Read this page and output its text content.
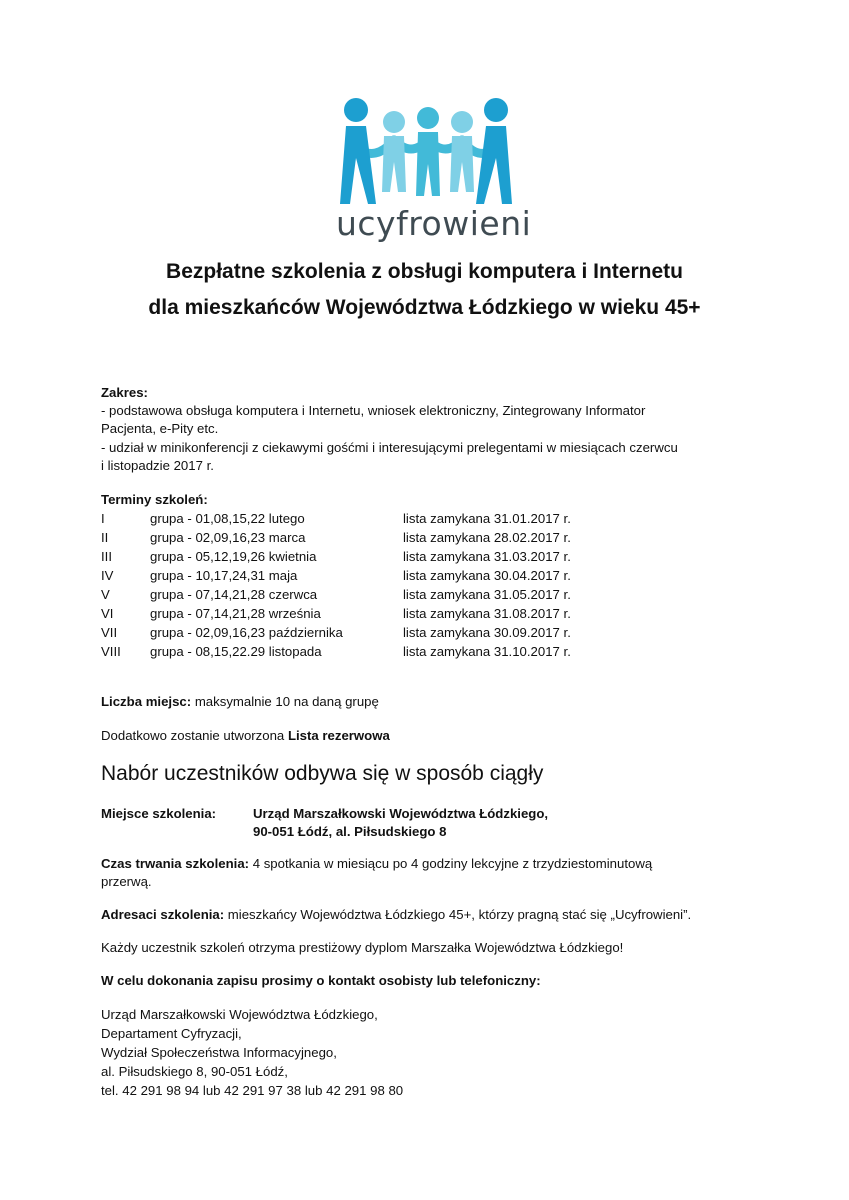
ucyfrowieni
Bezpłatne szkolenia z obsługi komputera i Internetu
dla mieszkańców Województwa Łódzkiego w wieku 45+
Zakres:
- podstawowa obsługa komputera i Internetu, wniosek elektroniczny, Zintegrowany Informator
Pacjenta, e-Pity etc.
- udział w minikonferencji z ciekawymi gośćmi i interesującymi prelegentami w miesiącach czerwcu
i listopadzie 2017 r.
Terminy szkoleń:
I	grupa - 01,08,15,22 lutego	lista zamykana 31.01.2017 r.
II	grupa - 02,09,16,23 marca	lista zamykana 28.02.2017 r.
III	grupa - 05,12,19,26 kwietnia	lista zamykana 31.03.2017 r.
IV	grupa - 10,17,24,31 maja	lista zamykana 30.04.2017 r.
V	grupa - 07,14,21,28 czerwca	lista zamykana 31.05.2017 r.
VI	grupa - 07,14,21,28 września	lista zamykana 31.08.2017 r.
VII grupa - 02,09,16,23 października	lista zamykana 30.09.2017 r.
VIII grupa - 08,15,22.29 listopada	lista zamykana 31.10.2017 r.
Liczba miejsc: maksymalnie 10 na daną grupę
Dodatkowo zostanie utworzona Lista rezerwowa
Nabór uczestników odbywa się w sposób ciągły
Miejsce szkolenia:	Urząd Marszałkowski Województwa Łódzkiego,
90-051 Łódź, al. Piłsudskiego 8
Czas trwania szkolenia: 4 spotkania w miesiącu po 4 godziny lekcyjne z trzydziestominutową
przerwą.
Adresaci szkolenia: mieszkańcy Województwa Łódzkiego 45+, którzy pragną stać się „Ucyfrowieni”.
Każdy uczestnik szkoleń otrzyma prestiżowy dyplom Marszałka Województwa Łódzkiego!
W celu dokonania zapisu prosimy o kontakt osobisty lub telefoniczny:
Urząd Marszałkowski Województwa Łódzkiego,
Departament Cyfryzacji,
Wydział Społeczeństwa Informacyjnego,
al. Piłsudskiego 8, 90-051 Łódź,
tel. 42 291 98 94 lub 42 291 97 38 lub 42 291 98 80
